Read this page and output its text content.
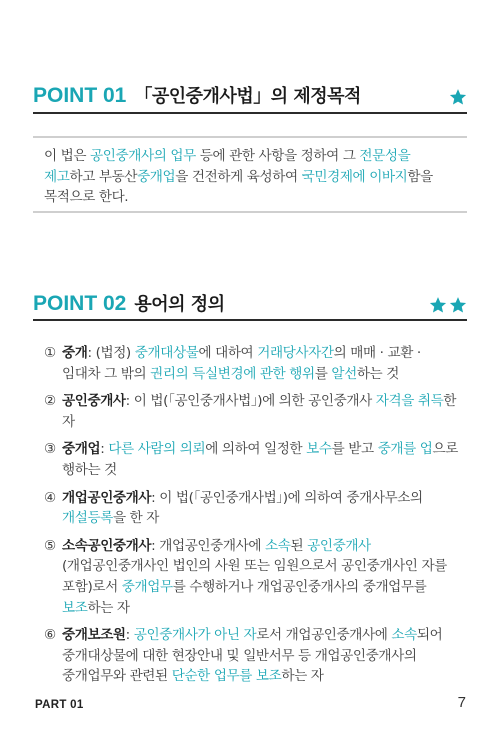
POINT 01 「공인중개사법」의 제정목적
이 법은 공인중개사의 업무 등에 관한 사항을 정하여 그 전문성을 제고하고 부동산중개업을 건전하게 육성하여 국민경제에 이바지함을 목적으로 한다.
POINT 02 용어의 정의
① 중개: (법정) 중개대상물에 대하여 거래당사자간의 매매 · 교환 · 임대차 그 밖의 권리의 득실변경에 관한 행위를 알선하는 것
② 공인중개사: 이 법(「공인중개사법」)에 의한 공인중개사 자격을 취득한 자
③ 중개업: 다른 사람의 의뢰에 의하여 일정한 보수를 받고 중개를 업으로 행하는 것
④ 개업공인중개사: 이 법(「공인중개사법」)에 의하여 중개사무소의 개설등록을 한 자
⑤ 소속공인중개사: 개업공인중개사에 소속된 공인중개사(개업공인중개사인 법인의 사원 또는 임원으로서 공인중개사인 자를 포함)로서 중개업무를 수행하거나 개업공인중개사의 중개업무를 보조하는 자
⑥ 중개보조원: 공인중개사가 아닌 자로서 개업공인중개사에 소속되어 중개대상물에 대한 현장안내 및 일반서무 등 개업공인중개사의 중개업무와 관련된 단순한 업무를 보조하는 자
PART 01	7
